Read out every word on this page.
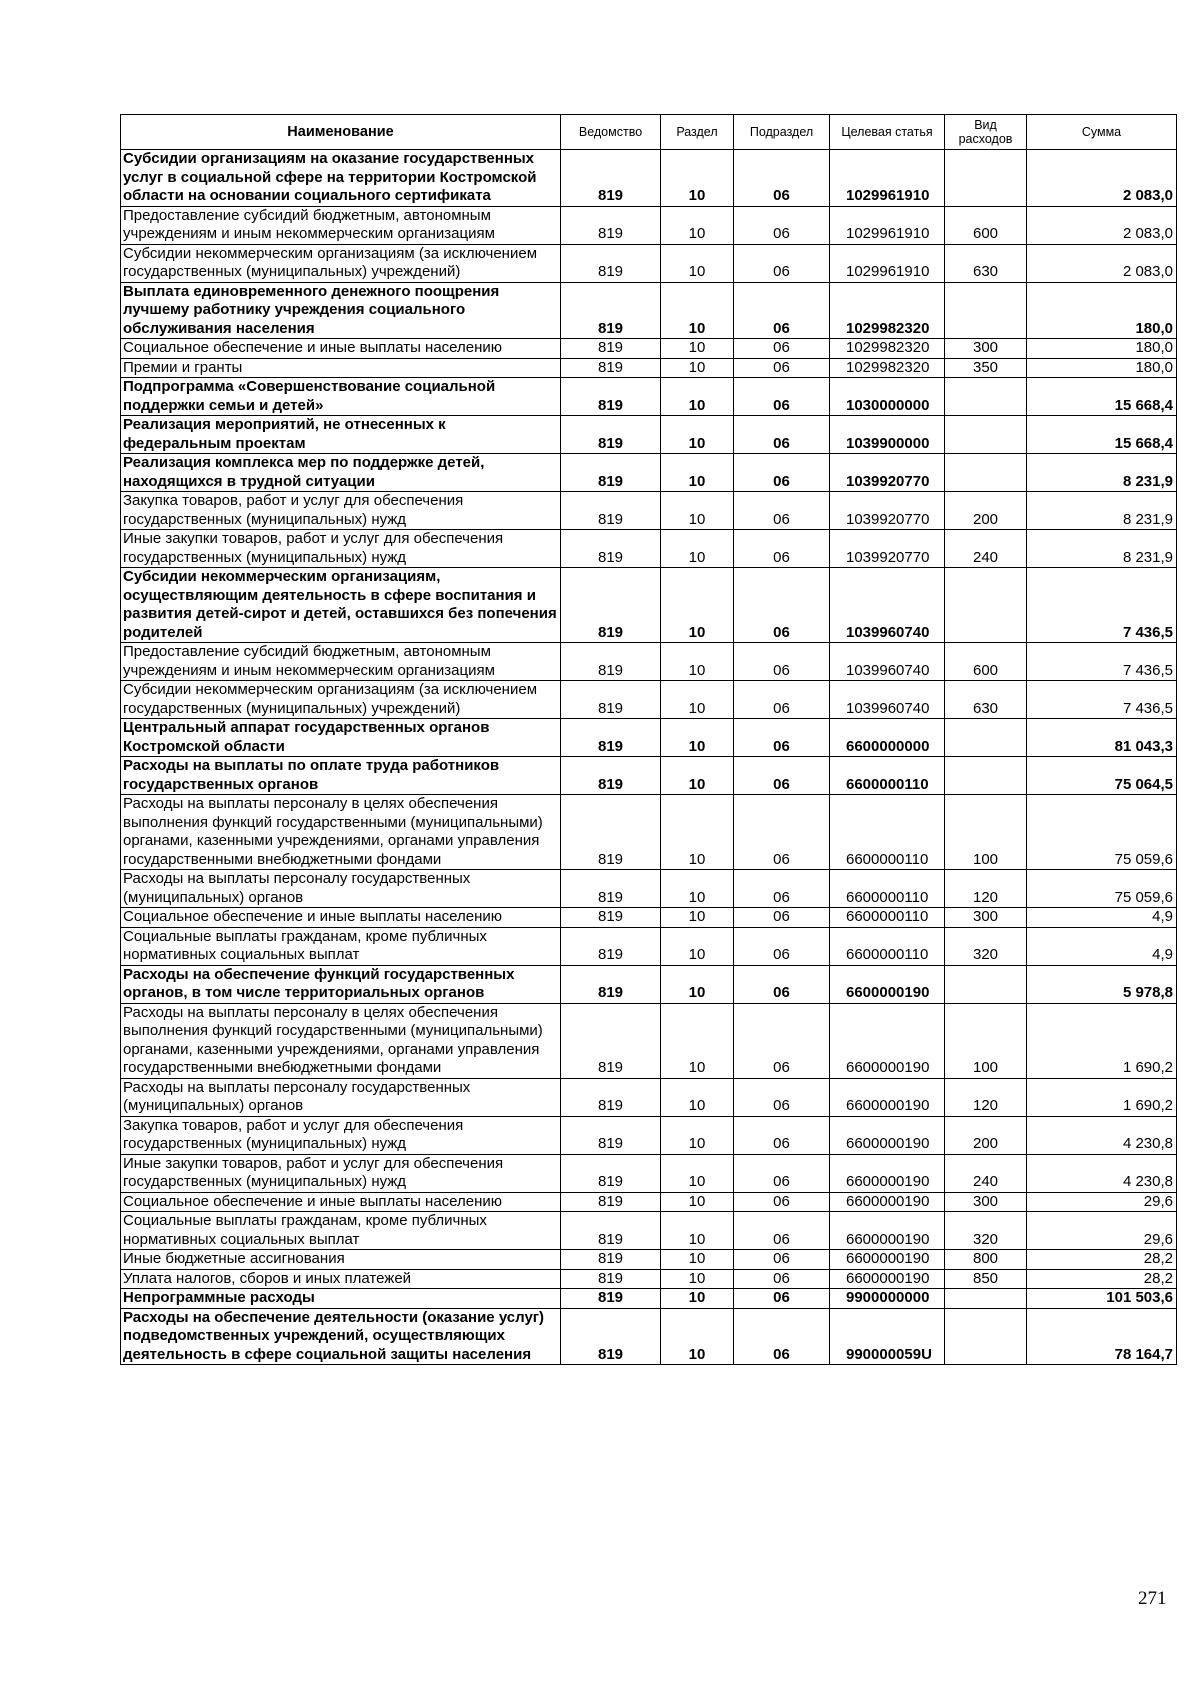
Наименование	Ведомство	Раздел	Подраздел	Целевая статья	Вид расходов	Сумма
Субсидии организациям на оказание государственных услуг в социальной сфере на территории Костромской области на основании социального сертификата	819	10	06	1029961910		2 083,0
Предоставление субсидий бюджетным, автономным учреждениям и иным некоммерческим организациям	819	10	06	1029961910	600	2 083,0
Субсидии некоммерческим организациям (за исключением государственных (муниципальных) учреждений)	819	10	06	1029961910	630	2 083,0
Выплата единовременного денежного поощрения лучшему работнику учреждения социального обслуживания населения	819	10	06	1029982320		180,0
Социальное обеспечение и иные выплаты населению	819	10	06	1029982320	300	180,0
Премии и гранты	819	10	06	1029982320	350	180,0
Подпрограмма «Совершенствование социальной поддержки семьи и детей»	819	10	06	1030000000		15 668,4
Реализация мероприятий, не отнесенных к федеральным проектам	819	10	06	1039900000		15 668,4
Реализация комплекса мер по поддержке детей, находящихся в трудной ситуации	819	10	06	1039920770		8 231,9
Закупка товаров, работ и услуг для обеспечения государственных (муниципальных) нужд	819	10	06	1039920770	200	8 231,9
Иные закупки товаров, работ и услуг для обеспечения государственных (муниципальных) нужд	819	10	06	1039920770	240	8 231,9
Субсидии некоммерческим организациям, осуществляющим деятельность в сфере воспитания и развития детей-сирот и детей, оставшихся без попечения родителей	819	10	06	1039960740		7 436,5
Предоставление субсидий бюджетным, автономным учреждениям и иным некоммерческим организациям	819	10	06	1039960740	600	7 436,5
Субсидии некоммерческим организациям (за исключением государственных (муниципальных) учреждений)	819	10	06	1039960740	630	7 436,5
Центральный аппарат государственных органов Костромской области	819	10	06	6600000000		81 043,3
Расходы на выплаты по оплате труда работников государственных органов	819	10	06	6600000110		75 064,5
Расходы на выплаты персоналу в целях обеспечения выполнения функций государственными (муниципальными) органами, казенными учреждениями, органами управления государственными внебюджетными фондами	819	10	06	6600000110	100	75 059,6
Расходы на выплаты персоналу государственных (муниципальных) органов	819	10	06	6600000110	120	75 059,6
Социальное обеспечение и иные выплаты населению	819	10	06	6600000110	300	4,9
Социальные выплаты гражданам, кроме публичных нормативных социальных выплат	819	10	06	6600000110	320	4,9
Расходы на обеспечение функций государственных органов, в том числе территориальных органов	819	10	06	6600000190		5 978,8
Расходы на выплаты персоналу в целях обеспечения выполнения функций государственными (муниципальными) органами, казенными учреждениями, органами управления государственными внебюджетными фондами	819	10	06	6600000190	100	1 690,2
Расходы на выплаты персоналу государственных (муниципальных) органов	819	10	06	6600000190	120	1 690,2
Закупка товаров, работ и услуг для обеспечения государственных (муниципальных) нужд	819	10	06	6600000190	200	4 230,8
Иные закупки товаров, работ и услуг для обеспечения государственных (муниципальных) нужд	819	10	06	6600000190	240	4 230,8
Социальное обеспечение и иные выплаты населению	819	10	06	6600000190	300	29,6
Социальные выплаты гражданам, кроме публичных нормативных социальных выплат	819	10	06	6600000190	320	29,6
Иные бюджетные ассигнования	819	10	06	6600000190	800	28,2
Уплата налогов, сборов и иных платежей	819	10	06	6600000190	850	28,2
Непрограммные расходы	819	10	06	9900000000		101 503,6
Расходы на обеспечение деятельности (оказание услуг) подведомственных учреждений, осуществляющих деятельность в сфере социальной защиты населения	819	10	06	990000059U		78 164,7
271
